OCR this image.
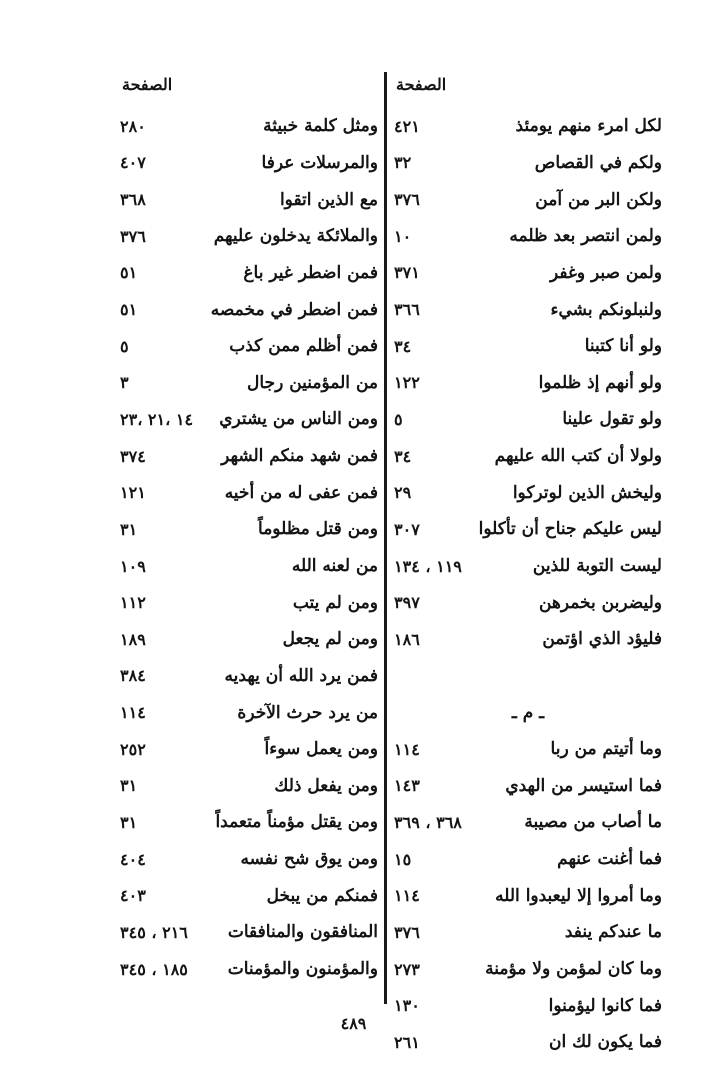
الصفحة
٤٢١	لكل امرء منهم يومئذ
٣٢	ولكم في القصاص
٣٧٦	ولكن البر من آمن
١٠	ولمن انتصر بعد ظلمه
٣٧١	ولمن صبر وغفر
٣٦٦	ولنبلونكم بشيء
٣٤	ولو أنا كتبنا
١٢٢	ولو أنهم إذ ظلموا
٥	ولو تقول علينا
٣٤	ولولا أن كتب الله عليهم
٢٩	وليخش الذين لوتركوا
٣٠٧	ليس عليكم جناح أن تأكلوا
١١٩ ، ١٣٤	ليست التوبة للذين
٣٩٧	وليضربن بخمرهن
١٨٦	فليؤد الذي اؤتمن
ـ م ـ
١١٤	وما أتيتم من ربا
١٤٣	فما استيسر من الهدي
٣٦٨ ، ٣٦٩	ما أصاب من مصيبة
١٥	فما أغنت عنهم
١١٤	وما أمروا إلا ليعبدوا الله
٣٧٦	ما عندكم ينفد
٢٧٣	وما كان لمؤمن ولا مؤمنة
١٣٠	فما كانوا ليؤمنوا
٢٦١	فما يكون لك ان
الصفحة
٢٨٠	ومثل كلمة خبيثة
٤٠٧	والمرسلات عرفا
٣٦٨	مع الذين اتقوا
٣٧٦	والملائكة يدخلون عليهم
٥١	فمن اضطر غير باغ
٥١	فمن اضطر في مخمصه
٥	فمن أظلم ممن كذب
٣	من المؤمنين رجال
١٤ ،٢١ ،٢٣ ومن الناس من يشتري
٣٧٤	فمن شهد منكم الشهر
١٢١	فمن عفى له من أخيه
٣١	ومن قتل مظلوماً
١٠٩	من لعنه الله
١١٢	ومن لم يتب
١٨٩	ومن لم يجعل
٣٨٤	فمن يرد الله أن يهديه
١١٤	من يرد حرث الآخرة
٢٥٢	ومن يعمل سوءاً
٣١	ومن يفعل ذلك
٣١	ومن يقتل مؤمناً متعمداً
٤٠٤	ومن يوق شح نفسه
٤٠٣	فمنكم من يبخل
٢١٦ ، ٣٤٥ المنافقون والمنافقات
١٨٥ ، ٣٤٥ والمؤمنون والمؤمنات
٤٨٩
